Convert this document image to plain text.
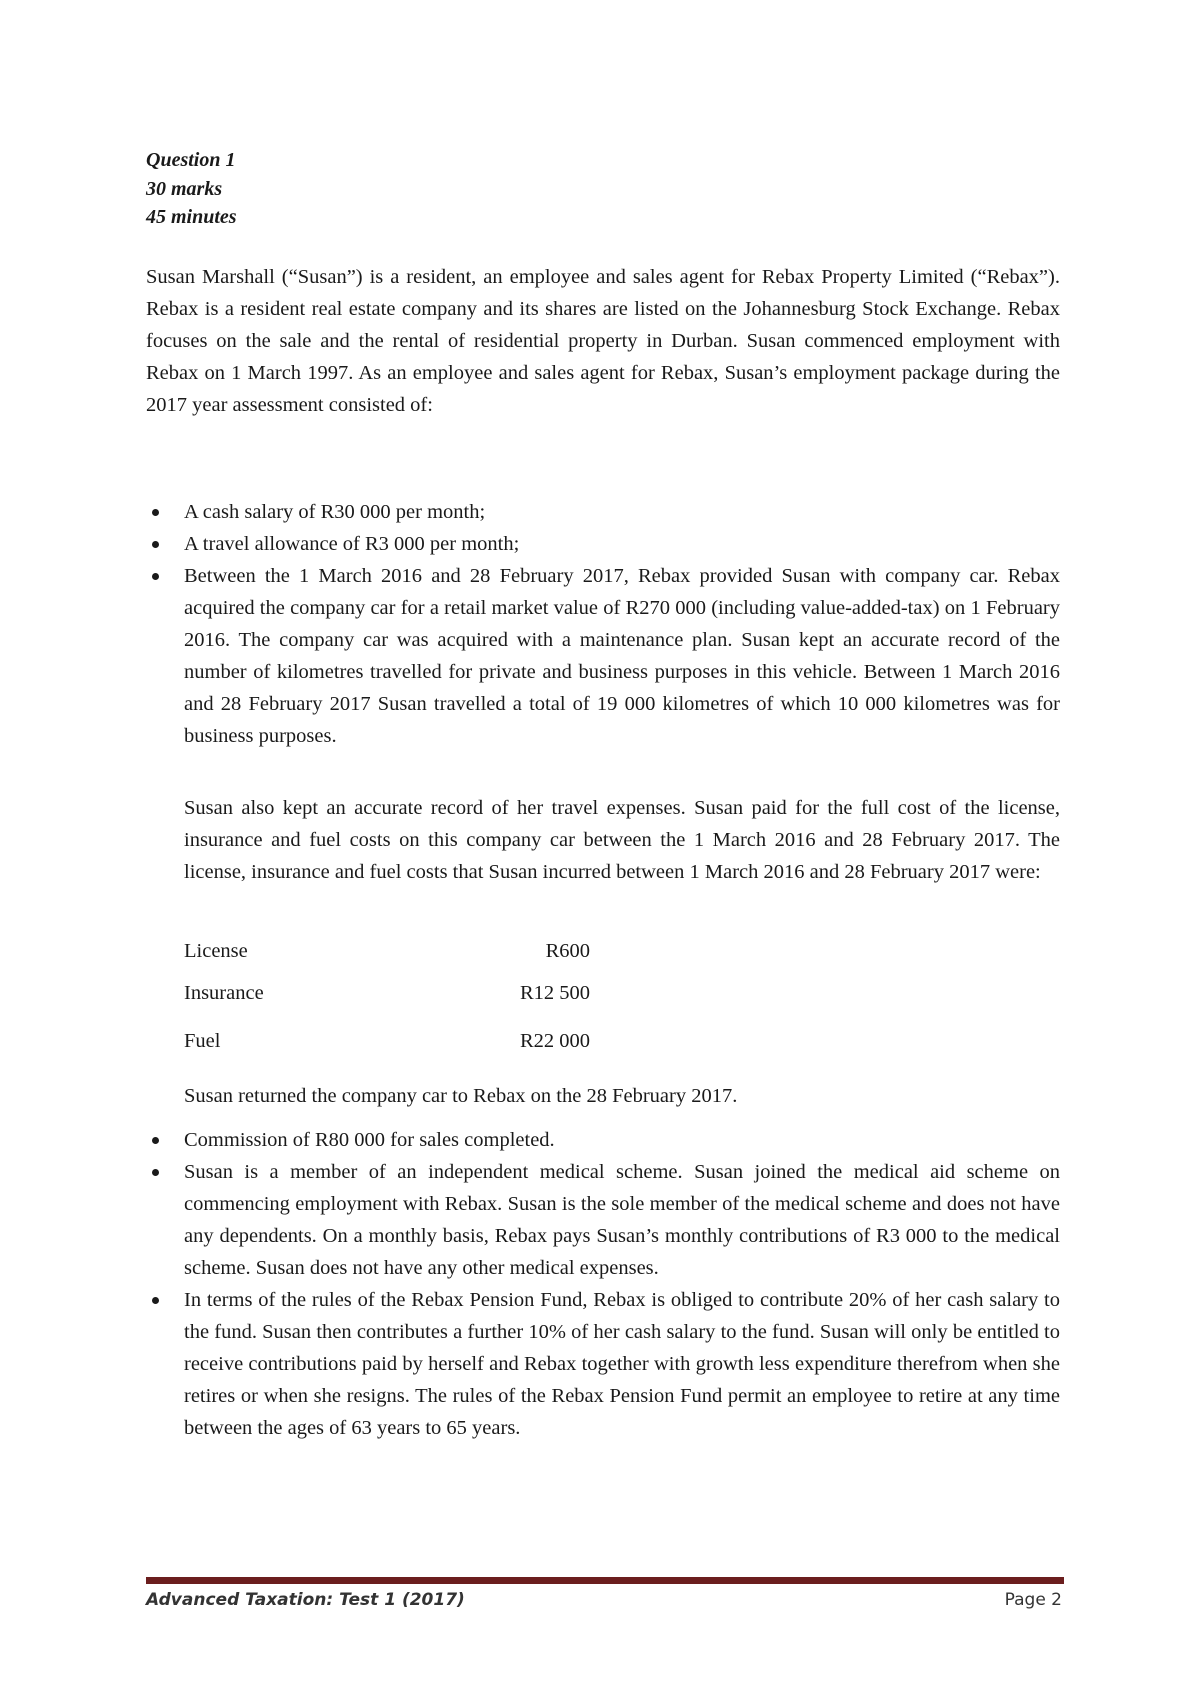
Question 1
30 marks
45 minutes
Susan Marshall (“Susan”) is a resident, an employee and sales agent for Rebax Property Limited (“Rebax”). Rebax is a resident real estate company and its shares are listed on the Johannesburg Stock Exchange. Rebax focuses on the sale and the rental of residential property in Durban. Susan commenced employment with Rebax on 1 March 1997. As an employee and sales agent for Rebax, Susan’s employment package during the 2017 year assessment consisted of:
A cash salary of R30 000 per month;
A travel allowance of R3 000 per month;
Between the 1 March 2016 and 28 February 2017, Rebax provided Susan with company car. Rebax acquired the company car for a retail market value of R270 000 (including value-added-tax) on 1 February 2016. The company car was acquired with a maintenance plan. Susan kept an accurate record of the number of kilometres travelled for private and business purposes in this vehicle. Between 1 March 2016 and 28 February 2017 Susan travelled a total of 19 000 kilometres of which 10 000 kilometres was for business purposes.
Susan also kept an accurate record of her travel expenses. Susan paid for the full cost of the license, insurance and fuel costs on this company car between the 1 March 2016 and 28 February 2017. The license, insurance and fuel costs that Susan incurred between 1 March 2016 and 28 February 2017 were:
License	R600
Insurance	R12 500
Fuel	R22 000
Susan returned the company car to Rebax on the 28 February 2017.
Commission of R80 000 for sales completed.
Susan is a member of an independent medical scheme. Susan joined the medical aid scheme on commencing employment with Rebax. Susan is the sole member of the medical scheme and does not have any dependents. On a monthly basis, Rebax pays Susan’s monthly contributions of R3 000 to the medical scheme. Susan does not have any other medical expenses.
In terms of the rules of the Rebax Pension Fund, Rebax is obliged to contribute 20% of her cash salary to the fund. Susan then contributes a further 10% of her cash salary to the fund. Susan will only be entitled to receive contributions paid by herself and Rebax together with growth less expenditure therefrom when she retires or when she resigns. The rules of the Rebax Pension Fund permit an employee to retire at any time between the ages of 63 years to 65 years.
Advanced Taxation: Test 1 (2017)	Page 2
